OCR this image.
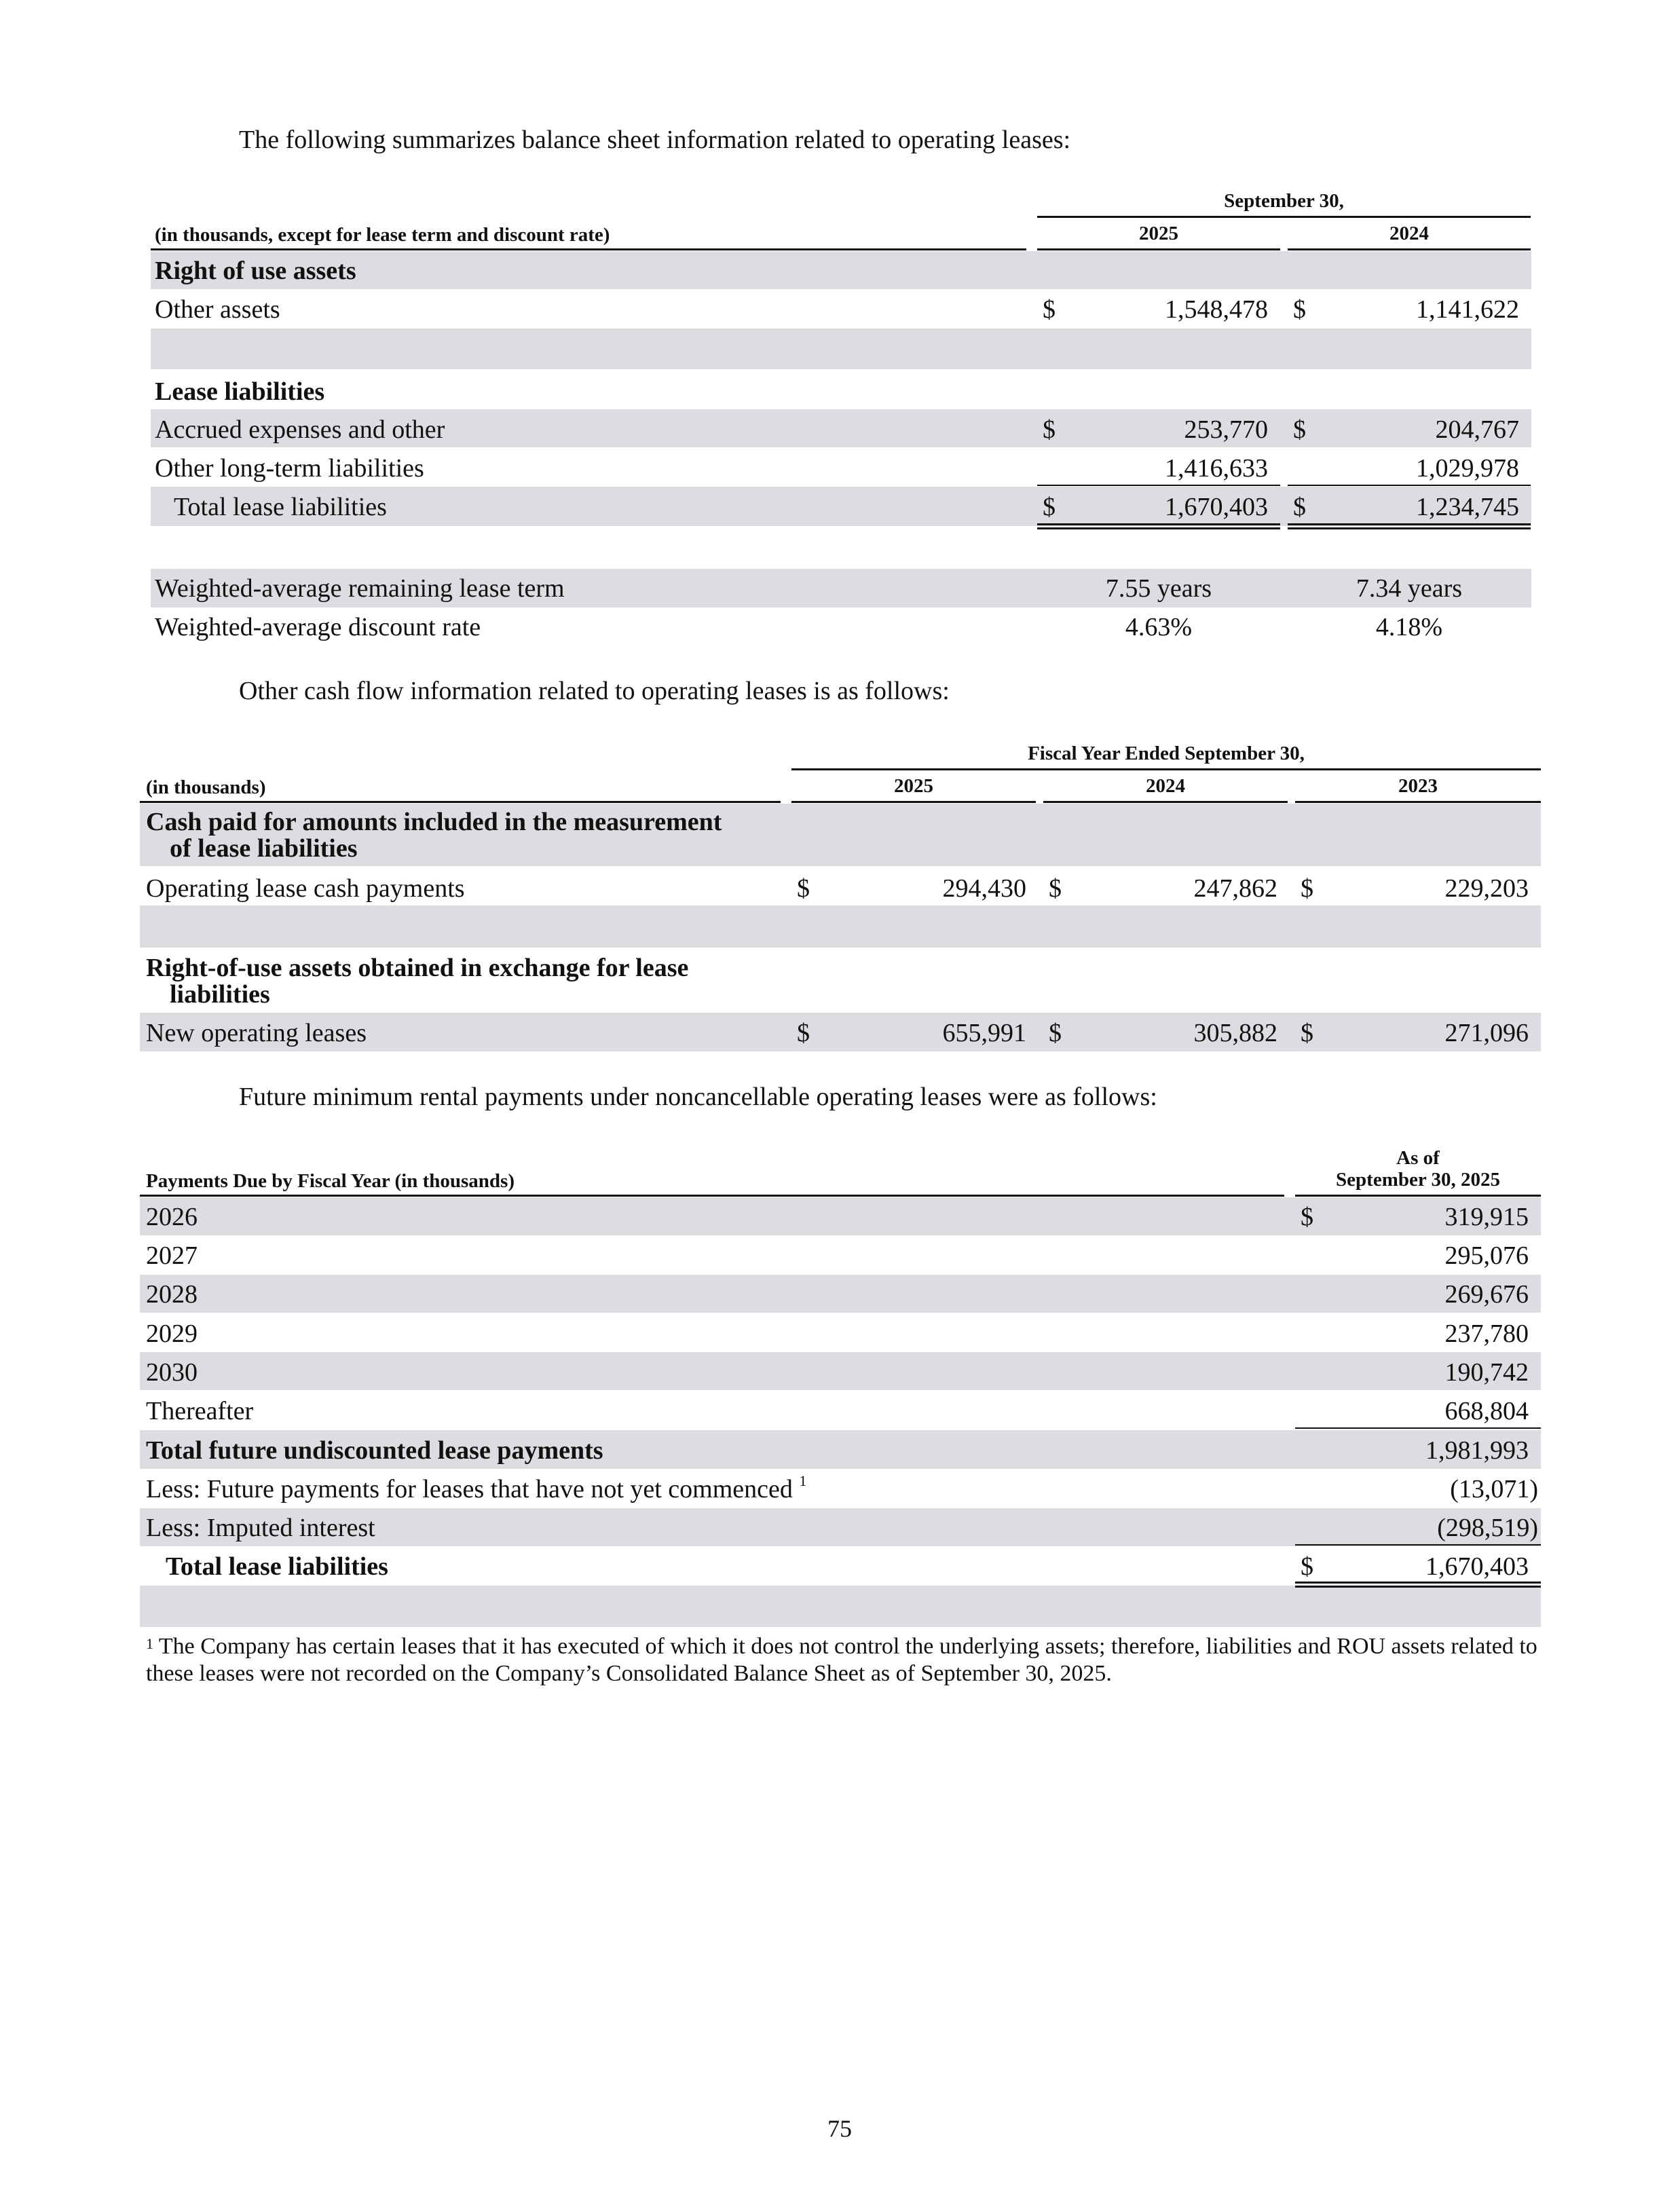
The following summarizes balance sheet information related to operating leases:
September 30,
(in thousands, except for lease term and discount rate)	2025	2024
Right of use assets
Other assets	$	1,548,478 $	1,141,622
Lease liabilities
Accrued expenses and other	$	253,770 $	204,767
Other long-term liabilities	1,416,633	1,029,978
Total lease liabilities	$	1,670,403 $	1,234,745
Weighted-average remaining lease term	7.55 years	7.34 years
Weighted-average discount rate	4.63%	4.18%
Other cash flow information related to operating leases is as follows:
Fiscal Year Ended September 30,
(in thousands)	2025	2024	2023
Cash paid for amounts included in the measurement
of lease liabilities
Operating lease cash payments	$	294,430 $	247,862 $	229,203
Right-of-use assets obtained in exchange for lease
liabilities
New operating leases	$	655,991 $	305,882 $	271,096
Future minimum rental payments under noncancellable operating leases were as follows:
As of
September 30, 2025
Payments Due by Fiscal Year (in thousands)
2026	$	319,915
2027	295,076
2028	269,676
2029	237,780
2030	190,742
Thereafter	668,804
Total future undiscounted lease payments	1,981,993
Less: Future payments for leases that have not yet commenced $^1$	(13,071)
Less: Imputed interest	(298,519)
Total lease liabilities	$	1,670,403
$^1$ The Company has certain leases that it has executed of which it does not control the underlying assets; therefore, liabilities and ROU assets related to these leases were not recorded on the Company’s Consolidated Balance Sheet as of September 30, 2025.
75
